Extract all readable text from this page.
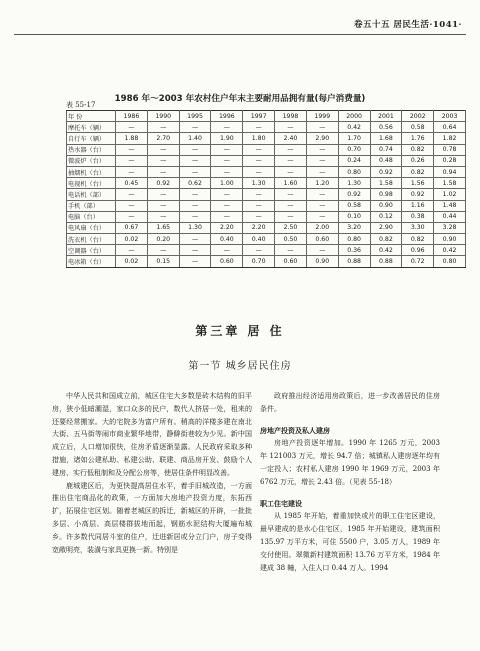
卷五十五 居民生活·1041·
1986 年～2003 年农村住户年末主要耐用品拥有量(每户消费量)
表 55-17
年 份	1986	1990	1995	1996	1997	1998	1999	2000	2001	2002	2003
摩托车（辆）	—	—	—	—	—	—	—	0.42	0.56	0.58	0.64
自行车（辆）	1.88	2.70	1.40	1.90	1.80	2.40	2.90	1.70	1.68	1.76	1.82
热水器（台）	—	—	—	—	—	—	—	0.70	0.74	0.82	0.78
微波炉（台）	—	—	—	—	—	—	—	0.24	0.48	0.26	0.28
抽烟机（台）	—	—	—	—	—	—	—	0.80	0.92	0.82	0.94
电视机（台）	0.45	0.92	0.62	1.00	1.30	1.60	1.20	1.30	1.58	1.56	1.58
电话机（部）	—	—	—	—	—	—	—	0.92	0.98	0.92	1.02
手机（部）	—	—	—	—	—	—	—	0.58	0.90	1.16	1.48
电脑（台）	—	—	—	—	—	—	—	0.10	0.12	0.38	0.44
电风扇（台）	0.67	1.65	1.30	2.20	2.20	2.50	2.00	3.20	2.90	3.30	3.28
洗衣机（台）	0.02	0.20	—	0.40	0.40	0.50	0.60	0.80	0.82	0.82	0.90
空调器（台）	—	—	—	—	—	—	—	0.36	0.42	0.96	0.42
电冰箱（台）	0.02	0.15	—	0.60	0.70	0.60	0.90	0.88	0.88	0.72	0.80
第三章 居 住
第一节 城乡居民住房

中华人民共和国成立前，城区住宅大多数是砖木结构的旧平房，狭小低暗潮湿，家口众多的民户，数代人挤居一处，租来的还要经常搬家。大的宅院多为富户所有。稍高的洋楼多建在南北大街、五马街等闹市商业繁华地带，静僻街巷较为少见。新中国成立后，人口增加很快，住房矛盾逐渐显露。人民政府采取多种措施，诸如公建私助、私建公助、联建、商品房开发、鼓励个人建房、实行低租制和及分配公房等，使居住条件明显改善。

鹿城建区后，为更快提高居住水平，着手旧城改造，一方面推出住宅商品化的政策，一方面加大房地产投资力度，东拓西扩，拓展住宅区划。随着老城区的拆迁，新城区的开辟，一批批多层、小高层、高层楼群拔地而起，钢筋水泥结构大厦遍布城乡。许多数代同居斗室的住户，迁进新居或分立门户，房子变得宽敞明亮，装潢与家具更换一新。特别是

政府推出经济适用房政策后，进一步改善居民的住房条件。

房地产投资及私人建房

房地产投资逐年增加。1990 年 1265 万元，2003 年 121003 万元，增长 94.7 倍；城镇私人建房逐年均有一定投入；农村私人建房 1990 年 1969 万元，2003 年 6762 万元，增长 2.43 倍。（见表 55-18）

职工住宅建设

从 1985 年开始，着重加快或片的职工住宅区建设，最早建成的是水心住宅区，1985 年开始建设，建筑面积 135.97 万平方米，可住 5500 户，3.05 万人，1989 年交付使用。翠微新村建筑面积 13.76 万平方米，1984 年建成 38 幢，入住人口 0.44 万人。1994
